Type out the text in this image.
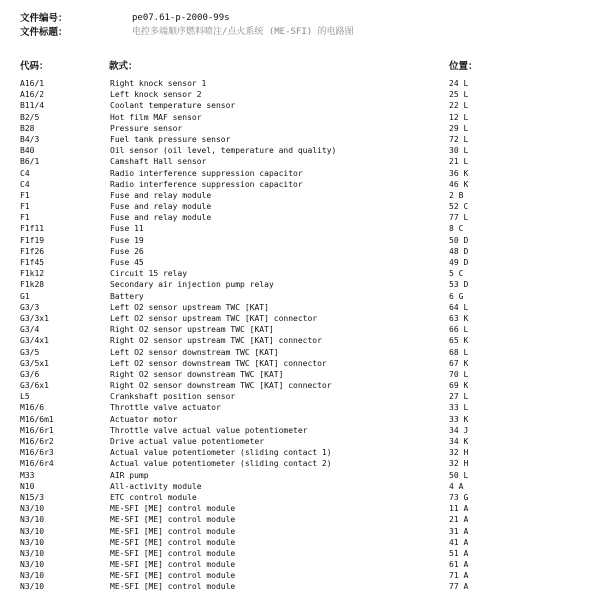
文件编号：	pe07.61-p-2000-99s
文件标题：	电控多端顺序燃料喷注/点火系统 (ME-SFI) 的电路图
代码：	款式：	位置：
A16/1	Right knock sensor 1	24 L
A16/2	Left knock sensor 2	25 L
B11/4	Coolant temperature sensor	22 L
B2/5	Hot film MAF sensor	12 L
B28	Pressure sensor	29 L
B4/3	Fuel tank pressure sensor	72 L
B40	Oil sensor (oil level, temperature and quality)	30 L
B6/1	Camshaft Hall sensor	21 L
C4	Radio interference suppression capacitor	36 K
C4	Radio interference suppression capacitor	46 K
F1	Fuse and relay module	2 B
F1	Fuse and relay module	52 C
F1	Fuse and relay module	77 L
F1f11	Fuse 11	8 C
F1f19	Fuse 19	50 D
F1f26	Fuse 26	48 D
F1f45	Fuse 45	49 D
F1k12	Circuit 15 relay	5 C
F1k28	Secondary air injection pump relay	53 D
G1	Battery	6 G
G3/3	Left O2 sensor upstream TWC [KAT]	64 L
G3/3x1	Left O2 sensor upstream TWC [KAT] connector	63 K
G3/4	Right O2 sensor upstream TWC [KAT]	66 L
G3/4x1	Right O2 sensor upstream TWC [KAT] connector	65 K
G3/5	Left O2 sensor downstream TWC [KAT]	68 L
G3/5x1	Left O2 sensor downstream TWC [KAT] connector	67 K
G3/6	Right O2 sensor downstream TWC [KAT]	70 L
G3/6x1	Right O2 sensor downstream TWC [KAT] connector	69 K
L5	Crankshaft position sensor	27 L
M16/6	Throttle valve actuator	33 L
M16/6m1	Actuator motor	33 K
M16/6r1	Throttle valve actual value potentiometer	34 J
M16/6r2	Drive actual value potentiometer	34 K
M16/6r3	Actual value potentiometer (sliding contact 1)	32 H
M16/6r4	Actual value potentiometer (sliding contact 2)	32 H
M33	AIR pump	50 L
N10	All-activity module	4 A
N15/3	ETC control module	73 G
N3/10	ME-SFI [ME] control module	11 A
N3/10	ME-SFI [ME] control module	21 A
N3/10	ME-SFI [ME] control module	31 A
N3/10	ME-SFI [ME] control module	41 A
N3/10	ME-SFI [ME] control module	51 A
N3/10	ME-SFI [ME] control module	61 A
N3/10	ME-SFI [ME] control module	71 A
N3/10	ME-SFI [ME] control module	77 A
